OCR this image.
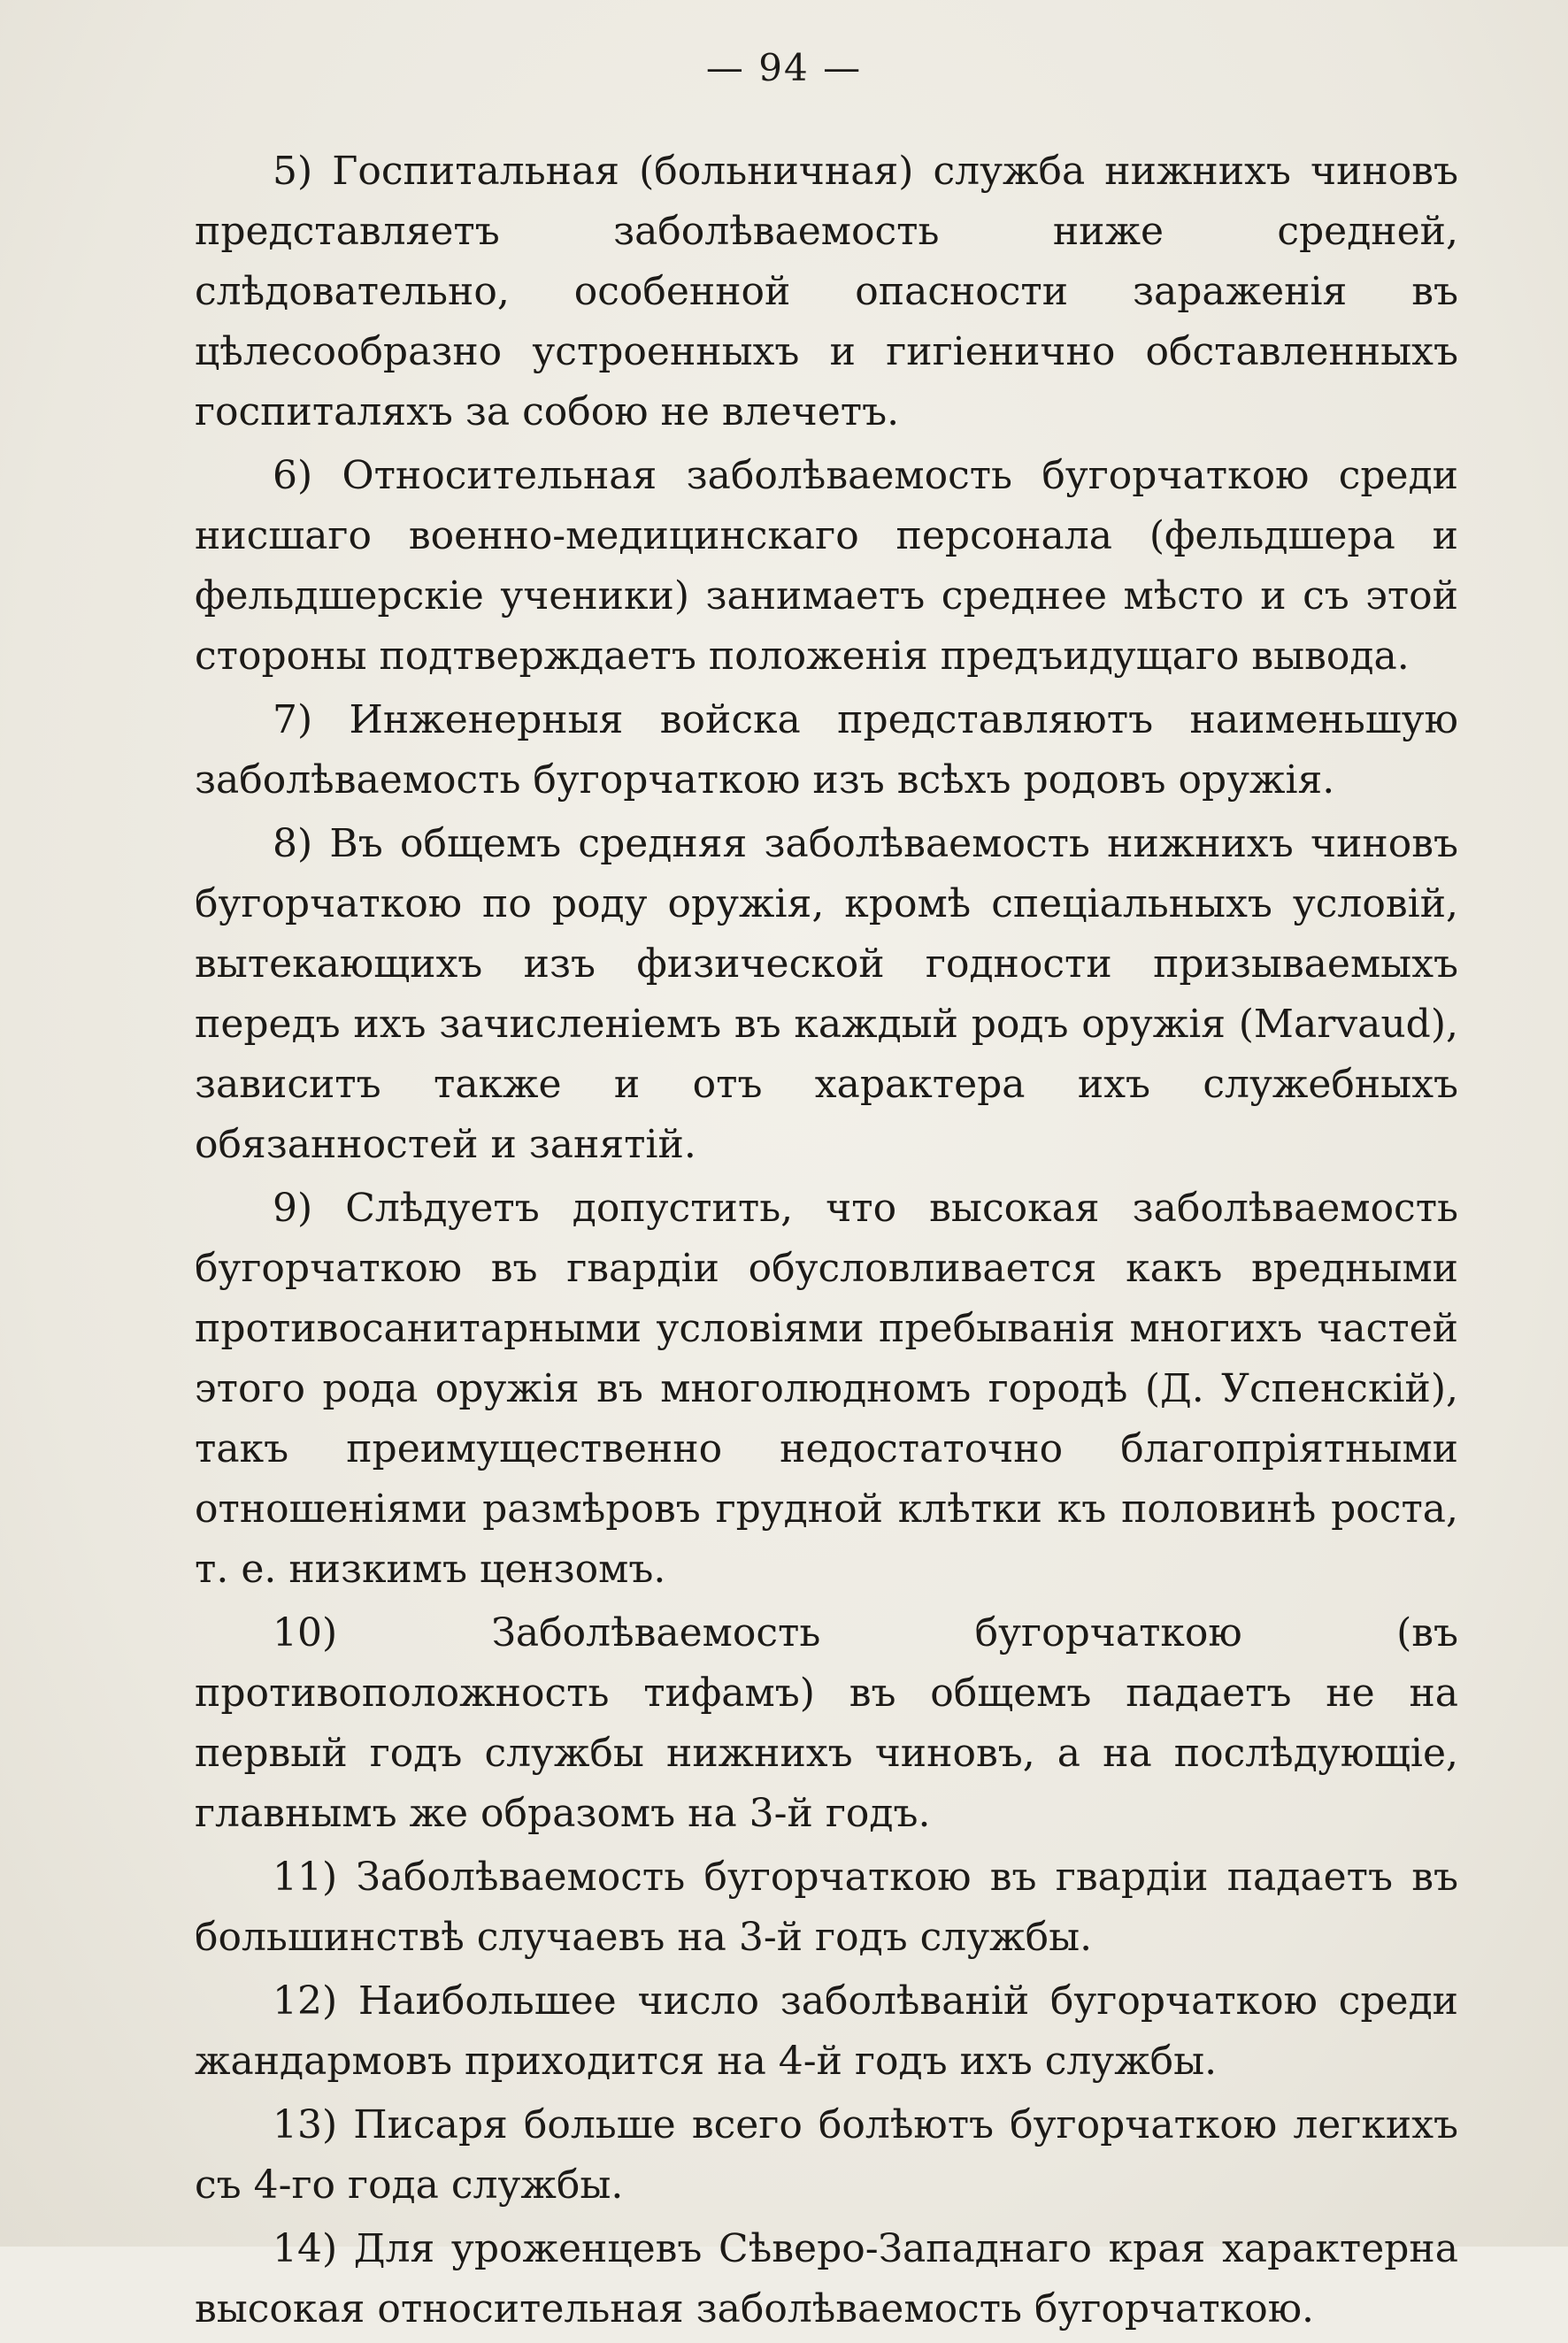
— 94 —

5) Госпитальная (больничная) служба нижнихъ чиновъ представляетъ заболѣваемость ниже средней, слѣдовательно, особенной опасности зараженія въ цѣлесообразно устроенныхъ и гигіенично обставленныхъ госпиталяхъ за собою не влечетъ.

6) Относительная заболѣваемость бугорчаткою среди нисшаго военно-медицинскаго персонала (фельдшера и фельдшерскіе ученики) занимаетъ среднее мѣсто и съ этой стороны подтверждаетъ положенія предъидущаго вывода.

7) Инженерныя войска представляютъ наименьшую заболѣваемость бугорчаткою изъ всѣхъ родовъ оружія.

8) Въ общемъ средняя заболѣваемость нижнихъ чиновъ бугорчаткою по роду оружія, кромѣ спеціальныхъ условій, вытекающихъ изъ физической годности призываемыхъ передъ ихъ зачисленіемъ въ каждый родъ оружія (Marvaud), зависитъ также и отъ характера ихъ служебныхъ обязанностей и занятій.

9) Слѣдуетъ допустить, что высокая заболѣваемость бугорчаткою въ гвардіи обусловливается какъ вредными противосанитарными условіями пребыванія многихъ частей этого рода оружія въ многолюдномъ городѣ (Д. Успенскій), такъ преимущественно недостаточно благопріятными отношеніями размѣровъ грудной клѣтки къ половинѣ роста, т. е. низкимъ цензомъ.

10) Заболѣваемость бугорчаткою (въ противоположность тифамъ) въ общемъ падаетъ не на первый годъ службы нижнихъ чиновъ, а на послѣдующіе, главнымъ же образомъ на 3-й годъ.

11) Заболѣваемость бугорчаткою въ гвардіи падаетъ въ большинствѣ случаевъ на 3-й годъ службы.

12) Наибольшее число заболѣваній бугорчаткою среди жандармовъ приходится на 4-й годъ ихъ службы.

13) Писаря больше всего болѣютъ бугорчаткою легкихъ съ 4-го года службы.

14) Для уроженцевъ Сѣверо-Западнаго края характерна высокая относительная заболѣваемость бугорчаткою.
